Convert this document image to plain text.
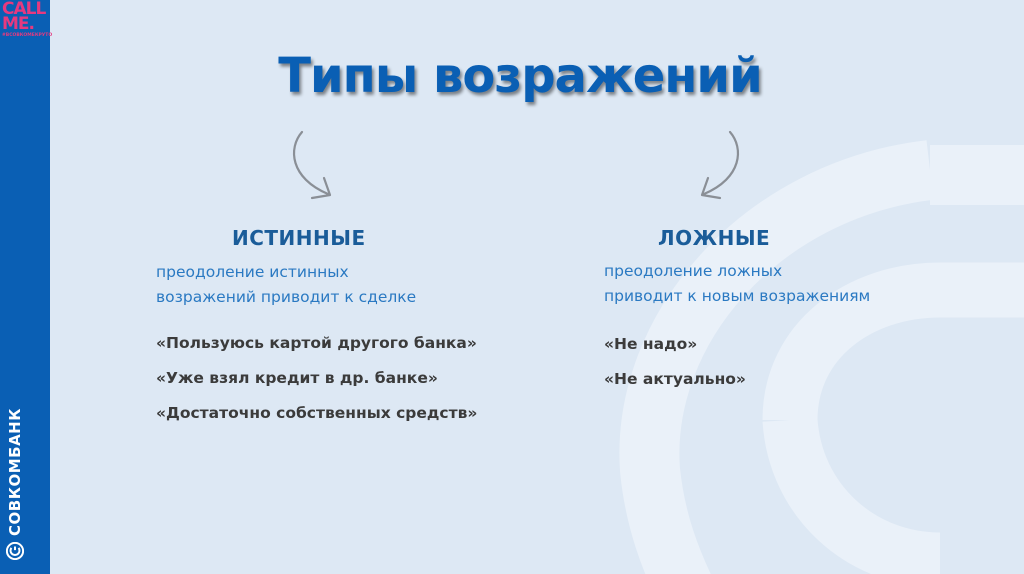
CALL
ME.
#ВСОВКОМЕКРУТО
СОВКОМБАНК
Типы возражений
ИСТИННЫЕ
преодоление истинных
возражений приводит к сделке
«Пользуюсь картой другого банка»
«Уже взял кредит в др. банке»
«Достаточно собственных средств»
ЛОЖНЫЕ
преодоление ложных
приводит к новым возражениям
«Не надо»
«Не актуально»
